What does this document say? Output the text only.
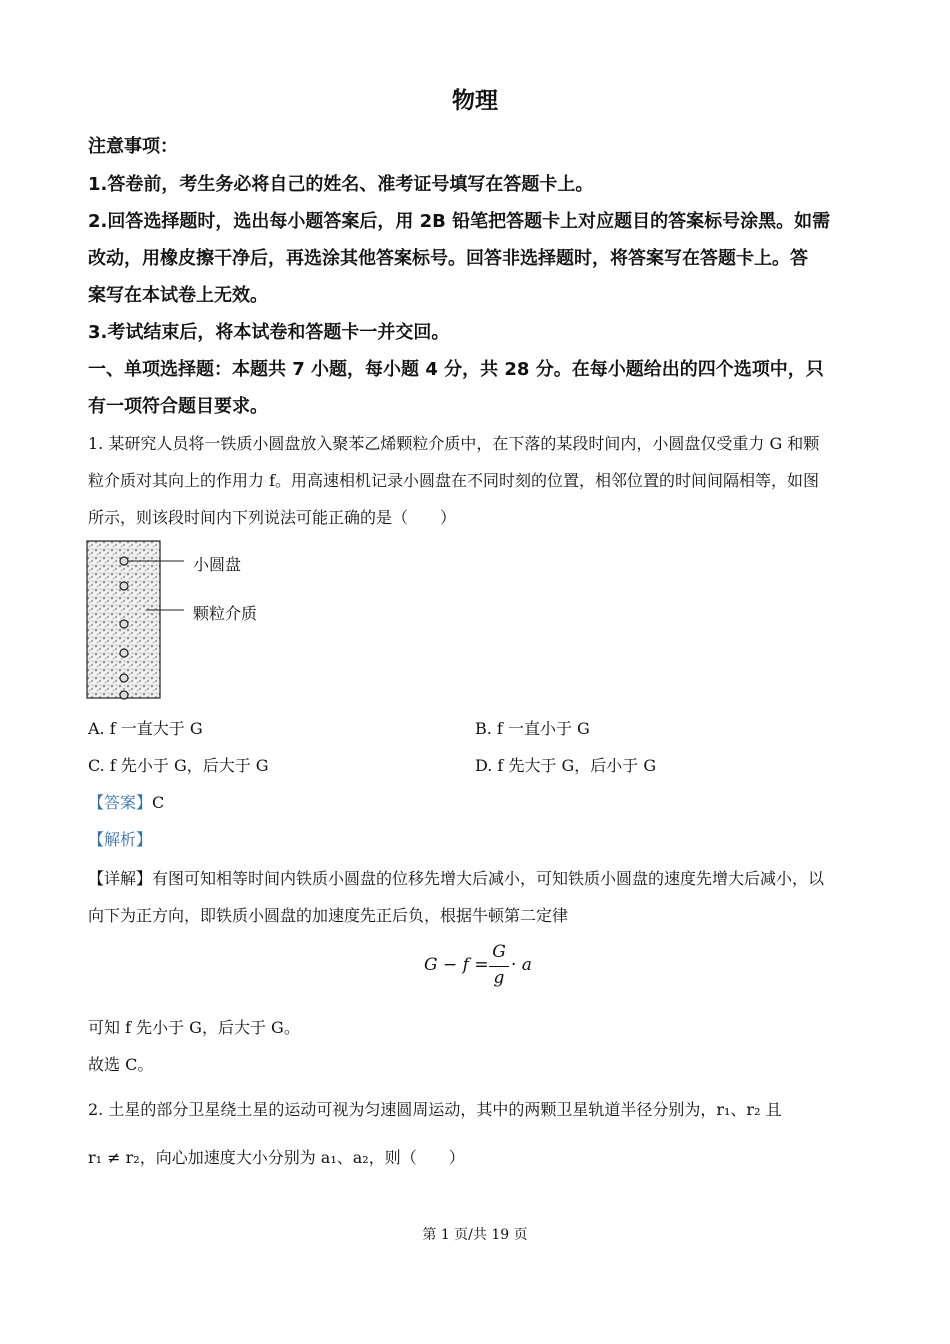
物理
注意事项：
1.答卷前，考生务必将自己的姓名、准考证号填写在答题卡上。
2.回答选择题时，选出每小题答案后，用 2B 铅笔把答题卡上对应题目的答案标号涂黑。如需
改动，用橡皮擦干净后，再选涂其他答案标号。回答非选择题时，将答案写在答题卡上。答
案写在本试卷上无效。
3.考试结束后，将本试卷和答题卡一并交回。
一、单项选择题：本题共 7 小题，每小题 4 分，共 28 分。在每小题给出的四个选项中，只
有一项符合题目要求。
1. 某研究人员将一铁质小圆盘放入聚苯乙烯颗粒介质中，在下落的某段时间内，小圆盘仅受重力 G 和颗
粒介质对其向上的作用力 f。用高速相机记录小圆盘在不同时刻的位置，相邻位置的时间间隔相等，如图
所示，则该段时间内下列说法可能正确的是（　　）
小圆盘
颗粒介质
A. f 一直大于 G	B. f 一直小于 G
C. f 先小于 G，后大于 G	D. f 先大于 G，后小于 G
【答案】C
【解析】
【详解】有图可知相等时间内铁质小圆盘的位移先增大后减小，可知铁质小圆盘的速度先增大后减小，以
向下为正方向，即铁质小圆盘的加速度先正后负，根据牛顿第二定律
G − f =
G
g
· a
可知 f 先小于 G，后大于 G。
故选 C。
2. 土星的部分卫星绕土星的运动可视为匀速圆周运动，其中的两颗卫星轨道半径分别为，r₁、r₂ 且
r₁ ≠ r₂，向心加速度大小分别为 a₁、a₂，则（　　）
第 1 页/共 19 页
